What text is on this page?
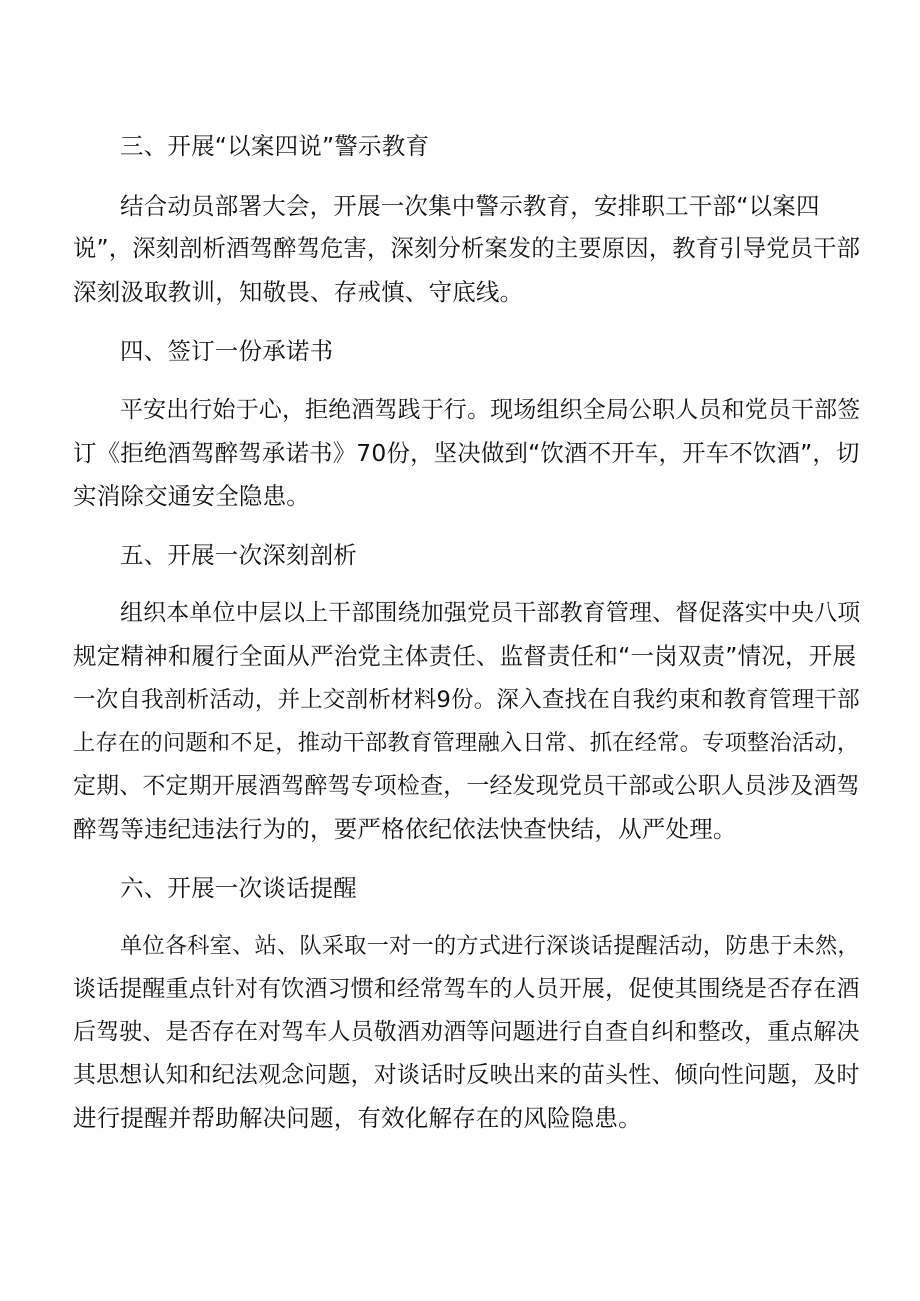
三、开展“以案四说”警示教育

结合动员部署大会，开展一次集中警示教育，安排职工干部“以案四

说”，深刻剖析酒驾醉驾危害，深刻分析案发的主要原因，教育引导党员干部

深刻汲取教训，知敬畏、存戒慎、守底线。

四、签订一份承诺书

平安出行始于心，拒绝酒驾践于行。现场组织全局公职人员和党员干部签

订《拒绝酒驾醉驾承诺书》70份，坚决做到“饮酒不开车，开车不饮酒”，切

实消除交通安全隐患。

五、开展一次深刻剖析

组织本单位中层以上干部围绕加强党员干部教育管理、督促落实中央八项

规定精神和履行全面从严治党主体责任、监督责任和“一岗双责”情况，开展

一次自我剖析活动，并上交剖析材料9份。深入查找在自我约束和教育管理干部

上存在的问题和不足，推动干部教育管理融入日常、抓在经常。专项整治活动，

定期、不定期开展酒驾醉驾专项检查，一经发现党员干部或公职人员涉及酒驾

醉驾等违纪违法行为的，要严格依纪依法快查快结，从严处理。

六、开展一次谈话提醒

单位各科室、站、队采取一对一的方式进行深谈话提醒活动，防患于未然，

谈话提醒重点针对有饮酒习惯和经常驾车的人员开展，促使其围绕是否存在酒

后驾驶、是否存在对驾车人员敬酒劝酒等问题进行自查自纠和整改，重点解决

其思想认知和纪法观念问题，对谈话时反映出来的苗头性、倾向性问题，及时

进行提醒并帮助解决问题，有效化解存在的风险隐患。
